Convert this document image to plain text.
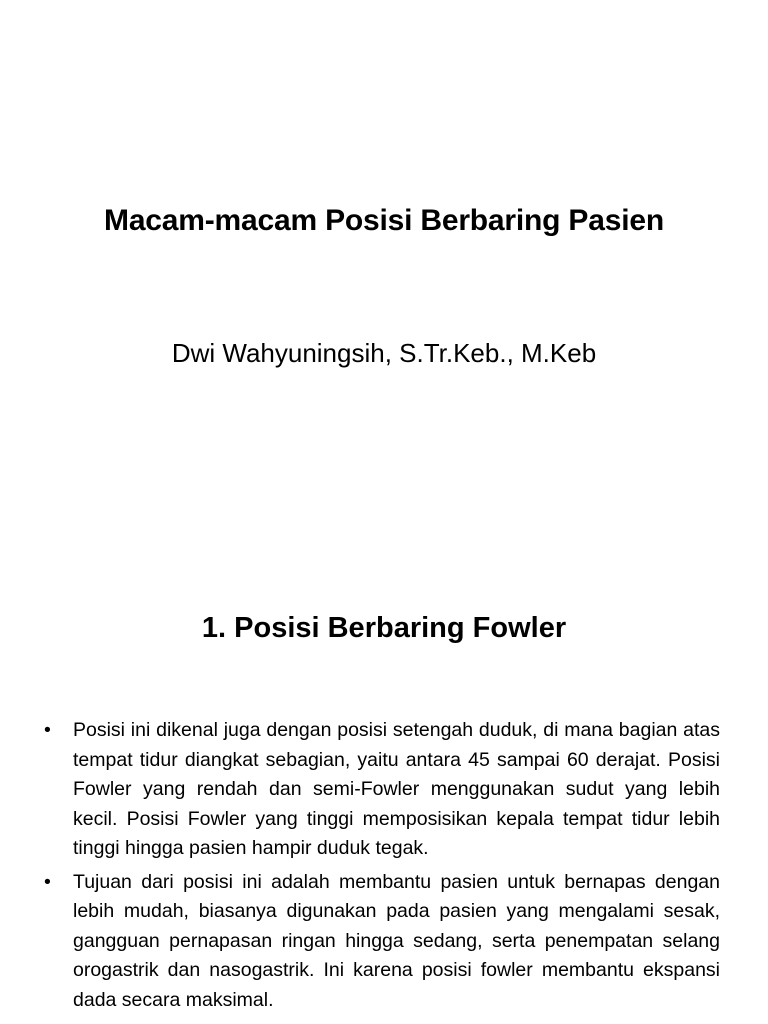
Macam-macam Posisi Berbaring Pasien

Dwi Wahyuningsih, S.Tr.Keb., M.Keb

1. Posisi Berbaring Fowler
• Posisi ini dikenal juga dengan posisi setengah duduk, di mana bagian atas tempat tidur diangkat sebagian, yaitu antara 45 sampai 60 derajat. Posisi Fowler yang rendah dan semi-Fowler menggunakan sudut yang lebih kecil. Posisi Fowler yang tinggi memposisikan kepala tempat tidur lebih tinggi hingga pasien hampir duduk tegak.
• Tujuan dari posisi ini adalah membantu pasien untuk bernapas dengan lebih mudah, biasanya digunakan pada pasien yang mengalami sesak, gangguan pernapasan ringan hingga sedang, serta penempatan selang orogastrik dan nasogastrik. Ini karena posisi fowler membantu ekspansi dada secara maksimal.
